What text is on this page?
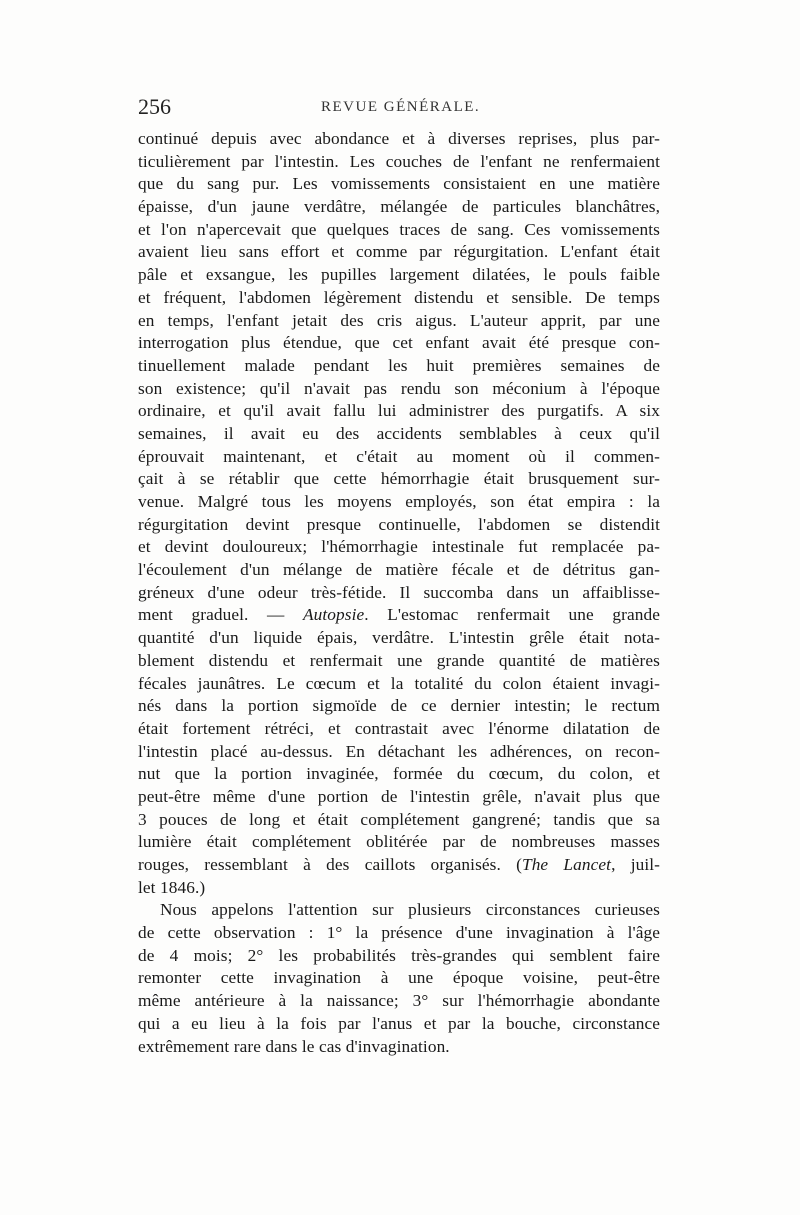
256	REVUE GÉNÉRALE.
continué depuis avec abondance et à diverses reprises, plus par-
ticulièrement par l'intestin. Les couches de l'enfant ne renfermaient
que du sang pur. Les vomissements consistaient en une matière
épaisse, d'un jaune verdâtre, mélangée de particules blanchâtres,
et l'on n'apercevait que quelques traces de sang. Ces vomissements
avaient lieu sans effort et comme par régurgitation. L'enfant était
pâle et exsangue, les pupilles largement dilatées, le pouls faible
et fréquent, l'abdomen légèrement distendu et sensible. De temps
en temps, l'enfant jetait des cris aigus. L'auteur apprit, par une
interrogation plus étendue, que cet enfant avait été presque con-
tinuellement malade pendant les huit premières semaines de
son existence; qu'il n'avait pas rendu son méconium à l'époque
ordinaire, et qu'il avait fallu lui administrer des purgatifs. A six
semaines, il avait eu des accidents semblables à ceux qu'il
éprouvait maintenant, et c'était au moment où il commen-
çait à se rétablir que cette hémorrhagie était brusquement sur-
venue. Malgré tous les moyens employés, son état empira : la
régurgitation devint presque continuelle, l'abdomen se distendit
et devint douloureux; l'hémorrhagie intestinale fut remplacée pa-
l'écoulement d'un mélange de matière fécale et de détritus gan-
gréneux d'une odeur très-fétide. Il succomba dans un affaiblisse-
ment graduel. — Autopsie. L'estomac renfermait une grande
quantité d'un liquide épais, verdâtre. L'intestin grêle était nota-
blement distendu et renfermait une grande quantité de matières
fécales jaunâtres. Le cœcum et la totalité du colon étaient invagi-
nés dans la portion sigmoïde de ce dernier intestin; le rectum
était fortement rétréci, et contrastait avec l'énorme dilatation de
l'intestin placé au-dessus. En détachant les adhérences, on recon-
nut que la portion invaginée, formée du cœcum, du colon, et
peut-être même d'une portion de l'intestin grêle, n'avait plus que
3 pouces de long et était complétement gangrené; tandis que sa
lumière était complétement oblitérée par de nombreuses masses
rouges, ressemblant à des caillots organisés. (The Lancet, juil-
let 1846.)
Nous appelons l'attention sur plusieurs circonstances curieuses
de cette observation : 1° la présence d'une invagination à l'âge
de 4 mois; 2° les probabilités très-grandes qui semblent faire
remonter cette invagination à une époque voisine, peut-être
même antérieure à la naissance; 3° sur l'hémorrhagie abondante
qui a eu lieu à la fois par l'anus et par la bouche, circonstance
extrêmement rare dans le cas d'invagination.
